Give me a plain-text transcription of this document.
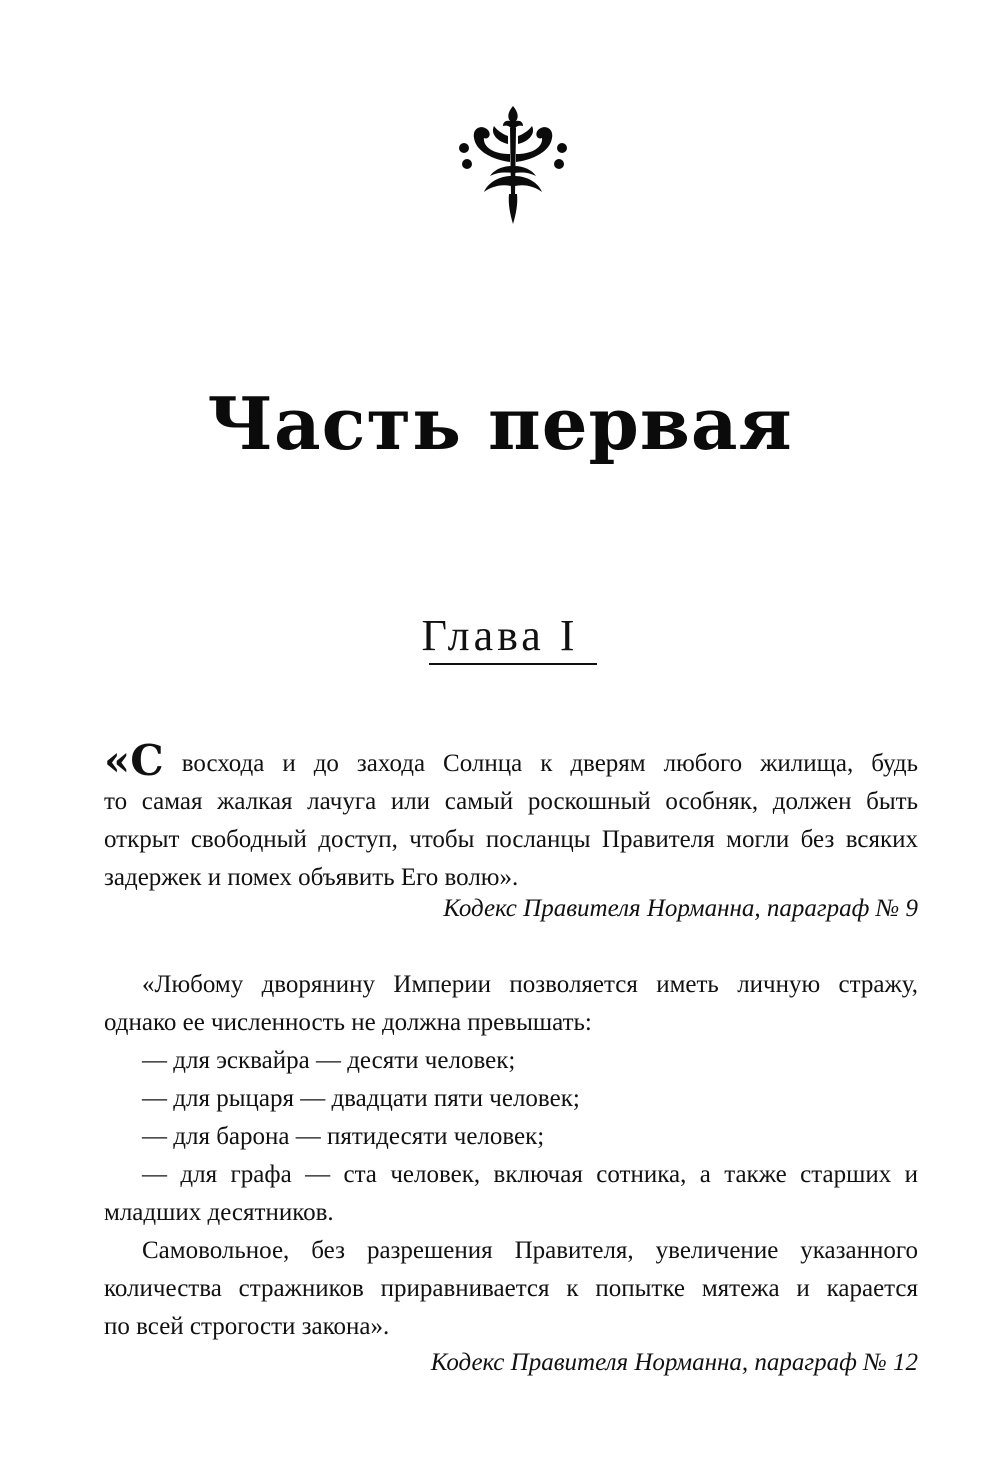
Часть первая
Глава I
«С восхода и до захода Солнца к дверям любого жилища, будь
то самая жалкая лачуга или самый роскошный особняк, должен быть
открыт свободный доступ, чтобы посланцы Правителя могли без всяких
задержек и помех объявить Его волю».
Кодекс Правителя Норманна, параграф № 9
«Любому дворянину Империи позволяется иметь личную стражу,
однако ее численность не должна превышать:
— для эсквайра — десяти человек;
— для рыцаря — двадцати пяти человек;
— для барона — пятидесяти человек;
— для графа — ста человек, включая сотника, а также старших и
младших десятников.
Самовольное, без разрешения Правителя, увеличение указанного
количества стражников приравнивается к попытке мятежа и карается
по всей строгости закона».
Кодекс Правителя Норманна, параграф № 12
